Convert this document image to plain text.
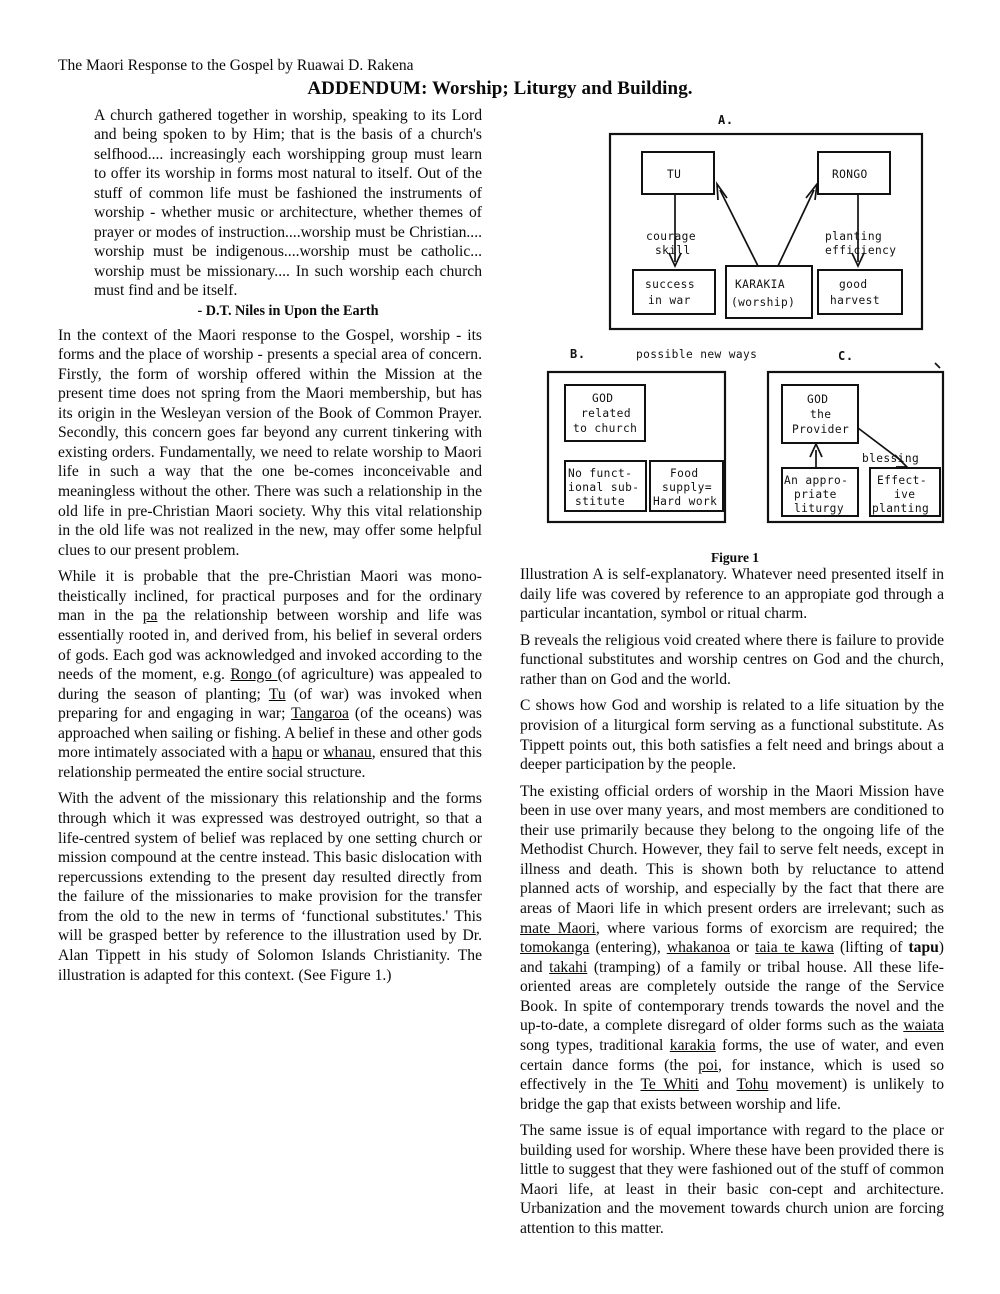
The Maori Response to the Gospel by Ruawai D. Rakena
ADDENDUM: Worship; Liturgy and Building.

A church gathered together in worship, speaking to its Lord and being spoken to by Him; that is the basis of a church's selfhood.... increasingly each worshipping group must learn to offer its worship in forms most natural to itself. Out of the stuff of common life must be fashioned the instruments of worship - whether music or architecture, whether themes of prayer or modes of instruction....worship must be Christian.... worship must be indigenous....worship must be catholic... worship must be missionary.... In such worship each church must find and be itself.

- D.T. Niles in Upon the Earth

In the context of the Maori response to the Gospel, worship - its forms and the place of worship - presents a special area of concern. Firstly, the form of worship offered within the Mission at the present time does not spring from the Maori membership, but has its origin in the Wesleyan version of the Book of Common Prayer. Secondly, this concern goes far beyond any current tinkering with existing orders. Fundamentally, we need to relate worship to Maori life in such a way that the one be-comes inconceivable and meaningless without the other. There was such a relationship in the old life in pre-Christian Maori society. Why this vital relationship in the old life was not realized in the new, may offer some helpful clues to our present problem.

While it is probable that the pre-Christian Maori was mono-theistically inclined, for practical purposes and for the ordinary man in the pa the relationship between worship and life was essentially rooted in, and derived from, his belief in several orders of gods. Each god was acknowledged and invoked according to the needs of the moment, e.g. Rongo (of agriculture) was appealed to during the season of planting; Tu (of war) was invoked when preparing for and engaging in war; Tangaroa (of the oceans) was approached when sailing or fishing. A belief in these and other gods more intimately associated with a hapu or whanau, ensured that this relationship permeated the entire social structure.

With the advent of the missionary this relationship and the forms through which it was expressed was destroyed outright, so that a life-centred system of belief was replaced by one setting church or mission compound at the centre instead. This basic dislocation with repercussions extending to the present day resulted directly from the failure of the missionaries to make provision for the transfer from the old to the new in terms of ‘functional substitutes.' This will be grasped better by reference to the illustration used by Dr. Alan Tippett in his study of Solomon Islands Christianity. The illustration is adapted for this context. (See Figure 1.)

A.
TU	RONGO
courage
skill
planting
efficiency
KARAKIA
(worship)
success
in war
good
harvest
B.	possible new ways	C.
GOD
related
to church
No funct-
ional sub-
stitute
Food
supply=
Hard work
GOD
the
Provider
blessing
An appro-
priate
liturgy
Effect-
ive
planting
Figure 1

Illustration A is self-explanatory. Whatever need presented itself in daily life was covered by reference to an appropiate god through a particular incantation, symbol or ritual charm.

B reveals the religious void created where there is failure to provide functional substitutes and worship centres on God and the church, rather than on God and the world.

C shows how God and worship is related to a life situation by the provision of a liturgical form serving as a functional substitute. As Tippett points out, this both satisfies a felt need and brings about a deeper participation by the people.

The existing official orders of worship in the Maori Mission have been in use over many years, and most members are conditioned to their use primarily because they belong to the ongoing life of the Methodist Church. However, they fail to serve felt needs, except in illness and death. This is shown both by reluctance to attend planned acts of worship, and especially by the fact that there are areas of Maori life in which present orders are irrelevant; such as mate Maori, where various forms of exorcism are required; the tomokanga (entering), whakanoa or taia te kawa (lifting of tapu) and takahi (tramping) of a family or tribal house. All these life-oriented areas are completely outside the range of the Service Book. In spite of contemporary trends towards the novel and the up-to-date, a complete disregard of older forms such as the waiata song types, traditional karakia forms, the use of water, and even certain dance forms (the poi, for instance, which is used so effectively in the Te Whiti and Tohu movement) is unlikely to bridge the gap that exists between worship and life.

The same issue is of equal importance with regard to the place or building used for worship. Where these have been provided there is little to suggest that they were fashioned out of the stuff of common Maori life, at least in their basic con-cept and architecture. Urbanization and the movement towards church union are forcing attention to this matter.
